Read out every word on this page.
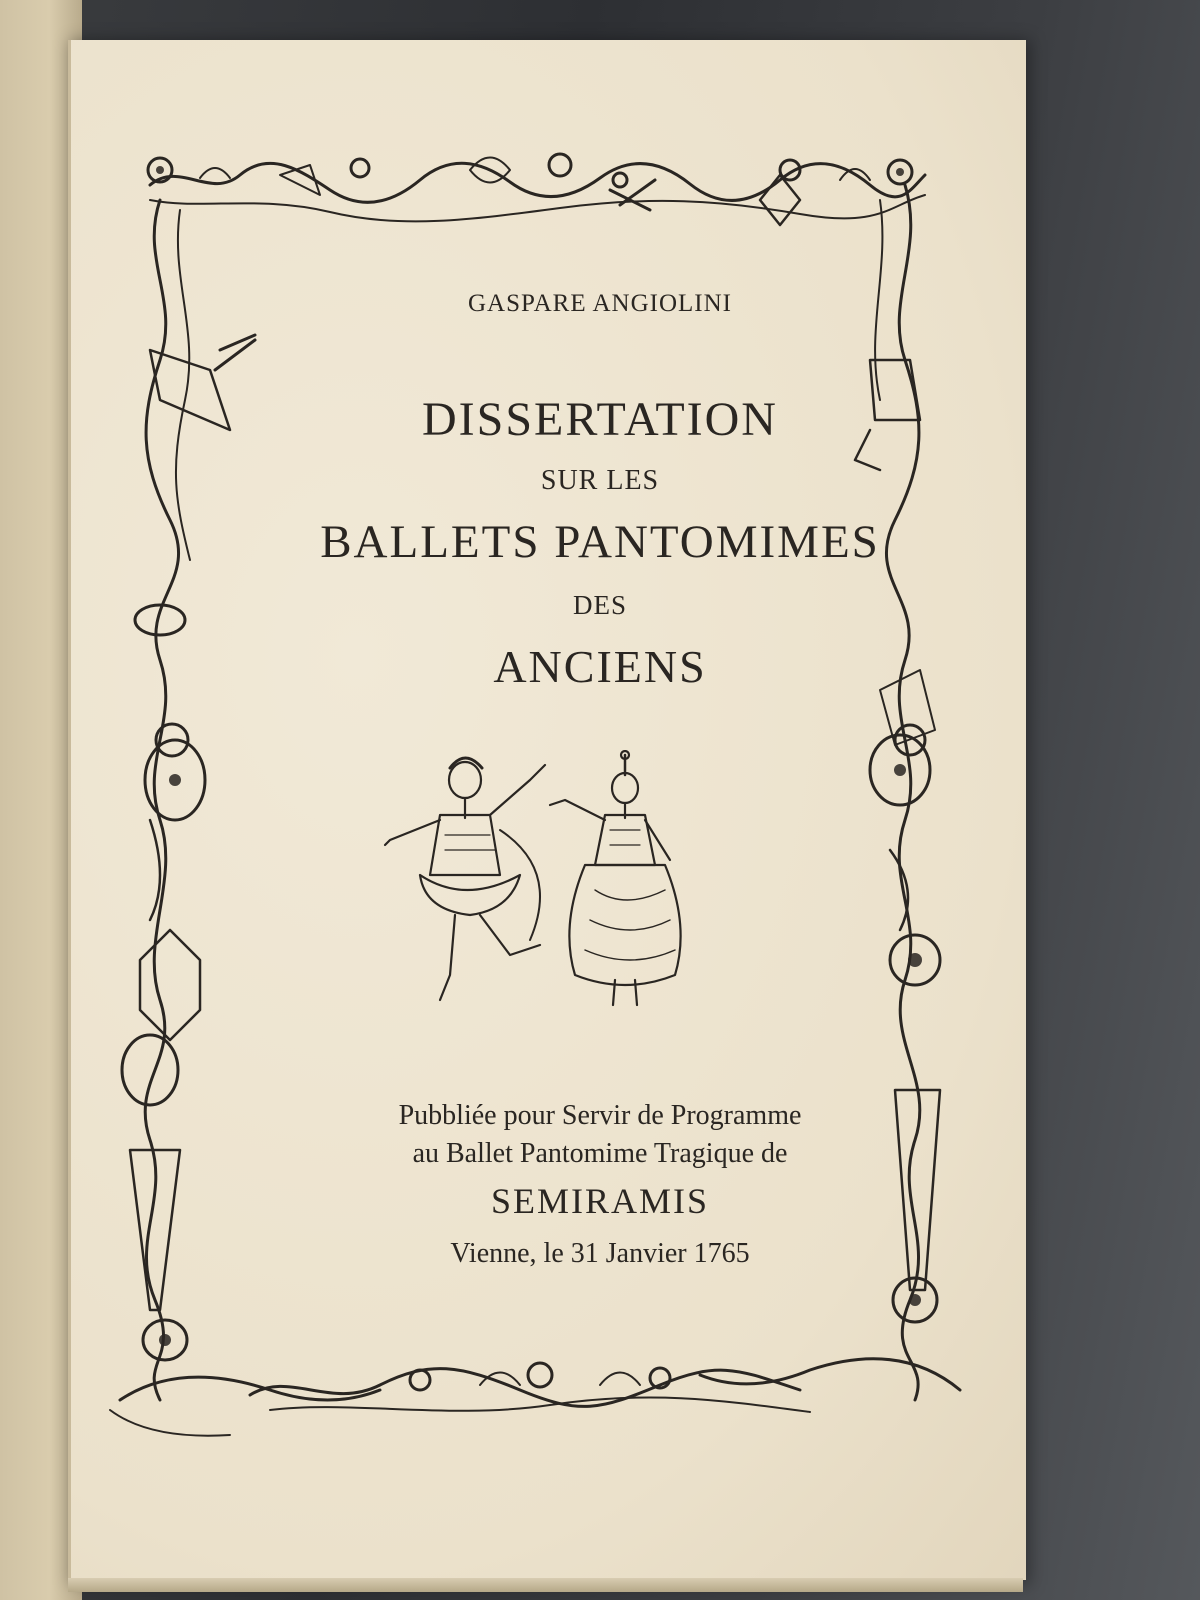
GASPARE ANGIOLINI
DISSERTATION
SUR LES
BALLETS PANTOMIMES
DES
ANCIENS
Pubbliée pour Servir de Programme
au Ballet Pantomime Tragique de
SEMIRAMIS
Vienne, le 31 Janvier 1765
